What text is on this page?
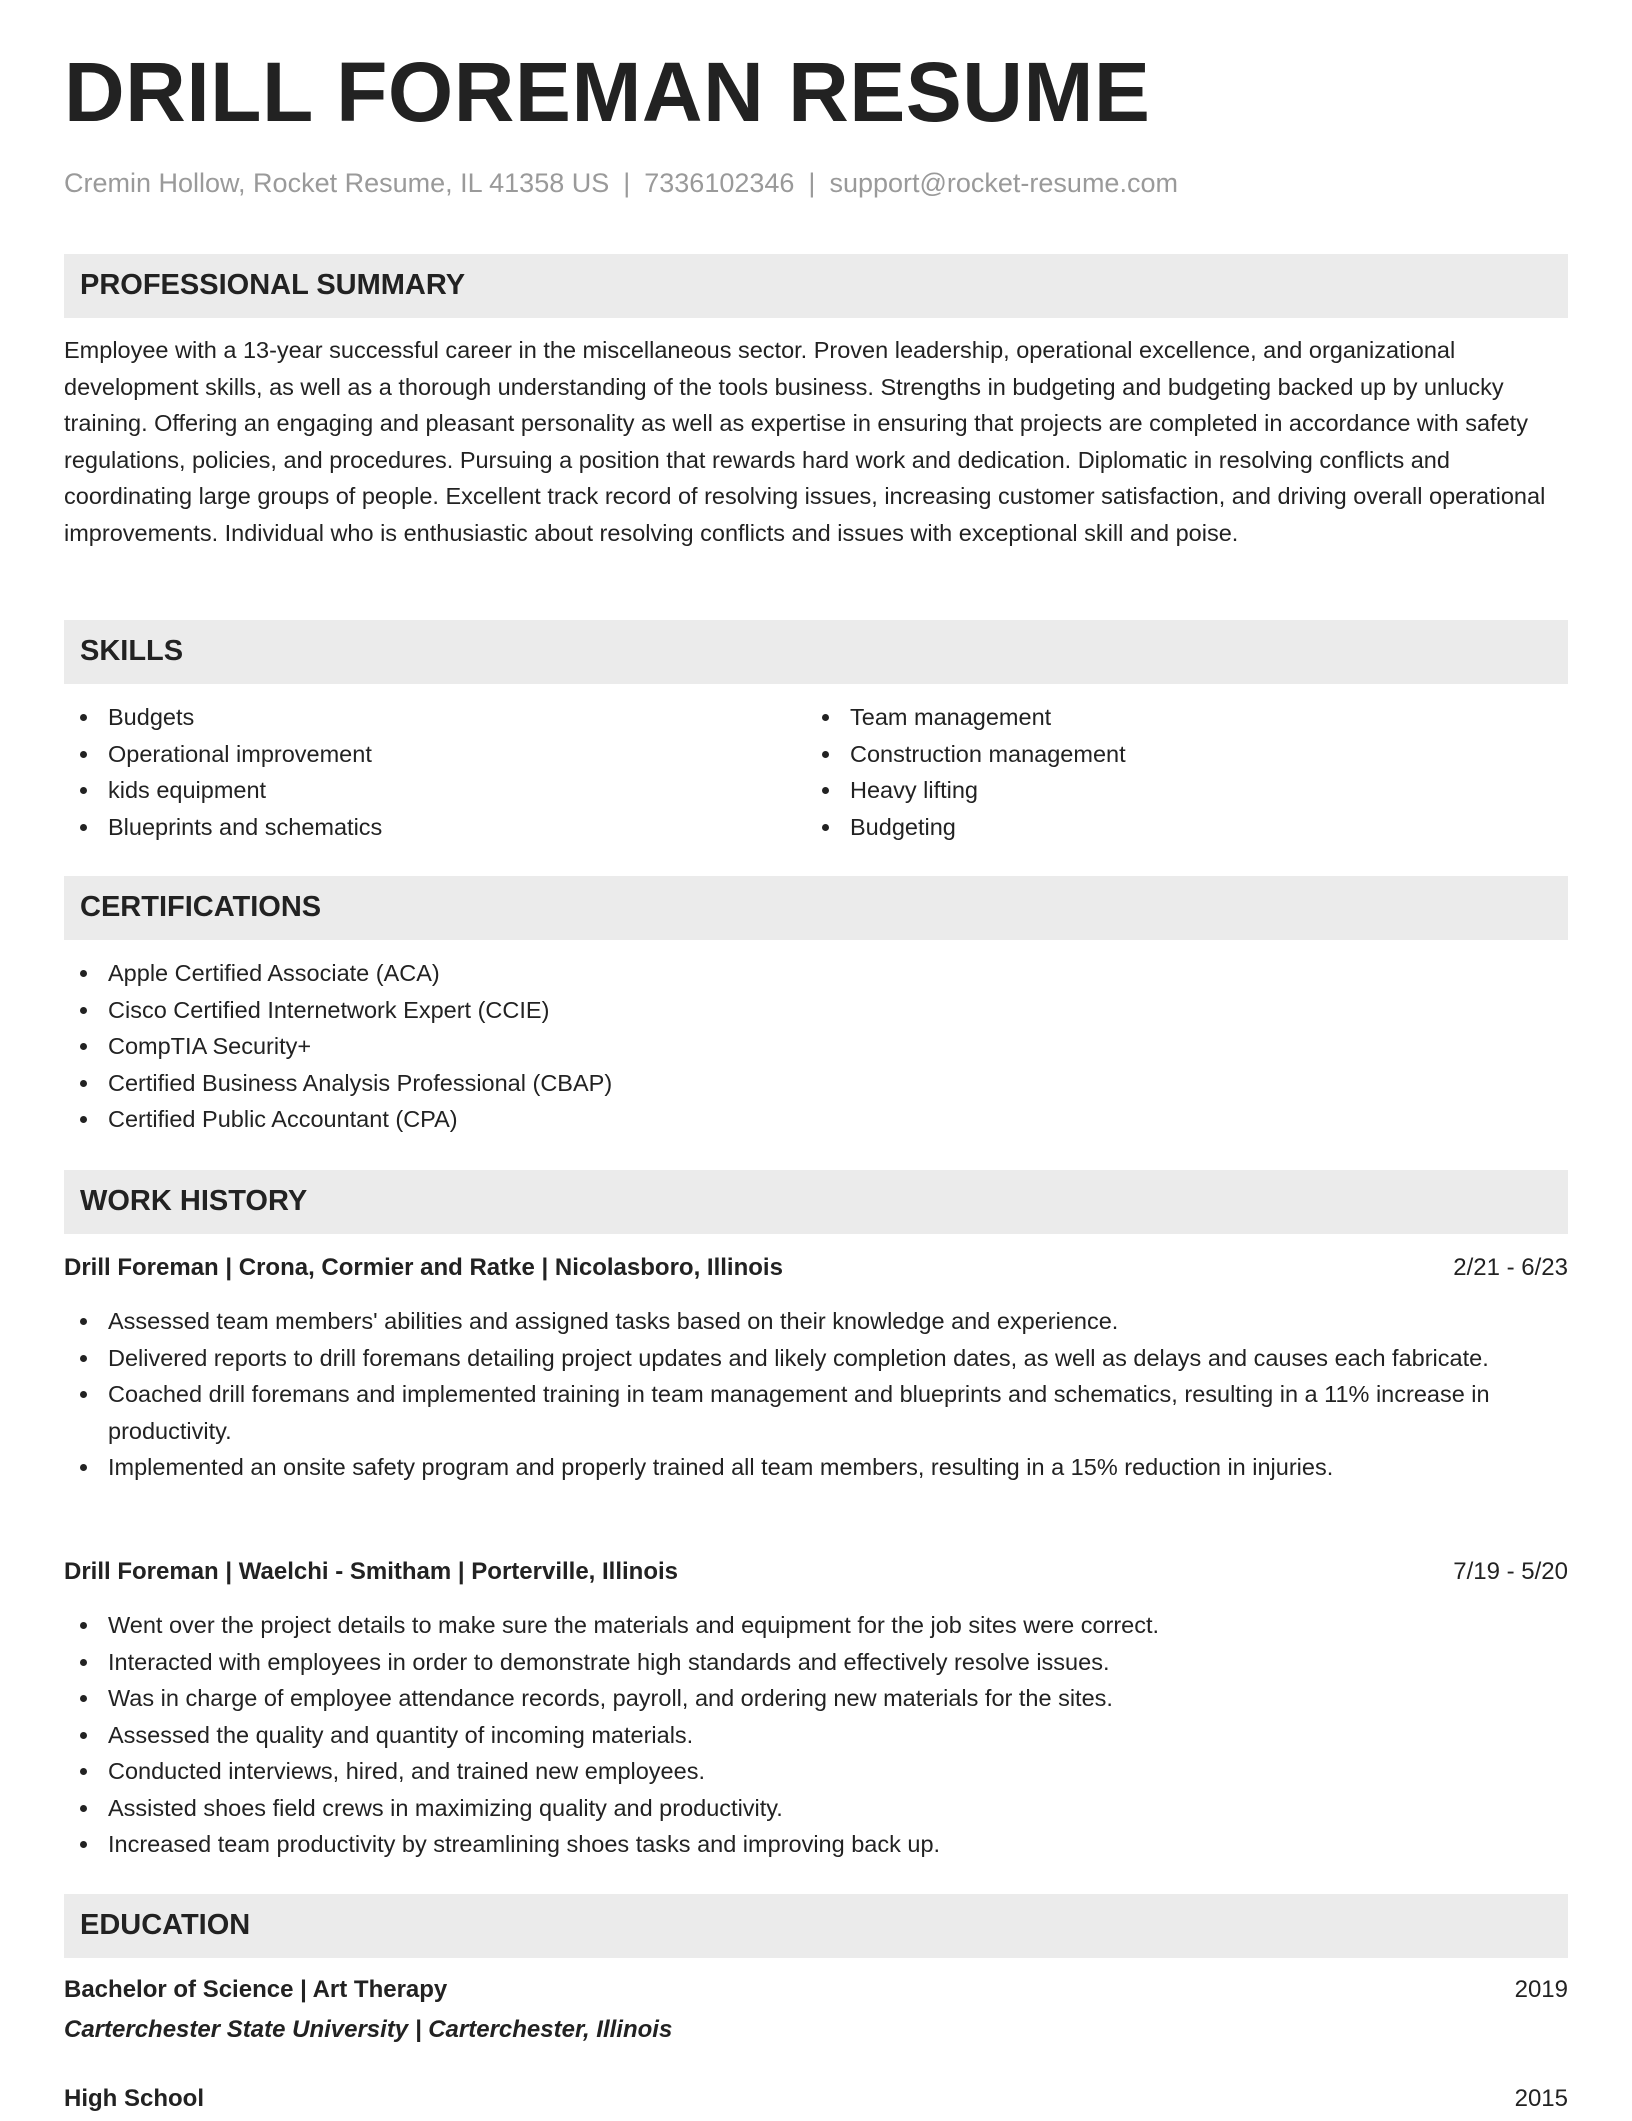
DRILL FOREMAN RESUME
Cremin Hollow, Rocket Resume, IL 41358 US | 7336102346 | support@rocket-resume.com
PROFESSIONAL SUMMARY
Employee with a 13-year successful career in the miscellaneous sector. Proven leadership, operational excellence, and organizational development skills, as well as a thorough understanding of the tools business. Strengths in budgeting and budgeting backed up by unlucky training. Offering an engaging and pleasant personality as well as expertise in ensuring that projects are completed in accordance with safety regulations, policies, and procedures. Pursuing a position that rewards hard work and dedication. Diplomatic in resolving conflicts and coordinating large groups of people. Excellent track record of resolving issues, increasing customer satisfaction, and driving overall operational improvements. Individual who is enthusiastic about resolving conflicts and issues with exceptional skill and poise.
SKILLS
Budgets
Operational improvement
kids equipment
Blueprints and schematics
Team management
Construction management
Heavy lifting
Budgeting
CERTIFICATIONS
Apple Certified Associate (ACA)
Cisco Certified Internetwork Expert (CCIE)
CompTIA Security+
Certified Business Analysis Professional (CBAP)
Certified Public Accountant (CPA)
WORK HISTORY
Drill Foreman | Crona, Cormier and Ratke | Nicolasboro, Illinois	2/21 - 6/23
Assessed team members' abilities and assigned tasks based on their knowledge and experience.
Delivered reports to drill foremans detailing project updates and likely completion dates, as well as delays and causes each fabricate.
Coached drill foremans and implemented training in team management and blueprints and schematics, resulting in a 11% increase in productivity.
Implemented an onsite safety program and properly trained all team members, resulting in a 15% reduction in injuries.
Drill Foreman | Waelchi - Smitham | Porterville, Illinois	7/19 - 5/20
Went over the project details to make sure the materials and equipment for the job sites were correct.
Interacted with employees in order to demonstrate high standards and effectively resolve issues.
Was in charge of employee attendance records, payroll, and ordering new materials for the sites.
Assessed the quality and quantity of incoming materials.
Conducted interviews, hired, and trained new employees.
Assisted shoes field crews in maximizing quality and productivity.
Increased team productivity by streamlining shoes tasks and improving back up.
EDUCATION
Bachelor of Science | Art Therapy	2019
Carterchester State University | Carterchester, Illinois
High School	2015
